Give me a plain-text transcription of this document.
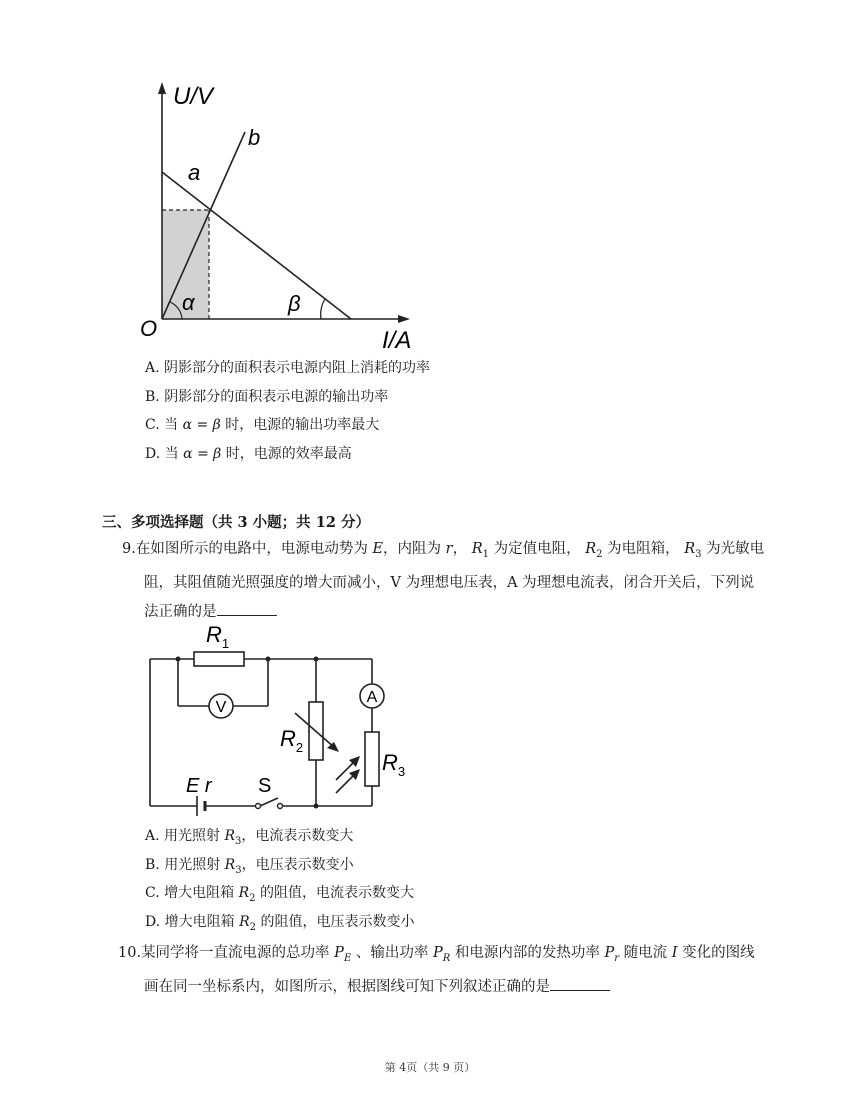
U/V
I/A
O
a
b
α	β
A. 阴影部分的面积表示电源内阻上消耗的功率
B. 阴影部分的面积表示电源的输出功率
C. 当 α = β 时，电源的输出功率最大
D. 当 α = β 时，电源的效率最高
三、多项选择题（共 3 小题；共 12 分）
9.在如图所示的电路中，电源电动势为 E，内阻为 r， $R_1$ 为定值电阻， $R_2$ 为电阻箱， $R_3$ 为光敏电
阻，其阻值随光照强度的增大而减小，V 为理想电压表，A 为理想电流表，闭合开关后，下列说
法正确的是
V
A
$R_1$
$R_2$
$R_3$
E r S
A. 用光照射 $R_3$，电流表示数变大
B. 用光照射 $R_3$，电压表示数变小
C. 增大电阻箱 $R_2$ 的阻值，电流表示数变大
D. 增大电阻箱 $R_2$ 的阻值，电压表示数变小
10.某同学将一直流电源的总功率 $P_E$ 、输出功率 $P_R$ 和电源内部的发热功率 $P_r$ 随电流 I 变化的图线
画在同一坐标系内，如图所示，根据图线可知下列叙述正确的是
第 4页（共 9 页）
